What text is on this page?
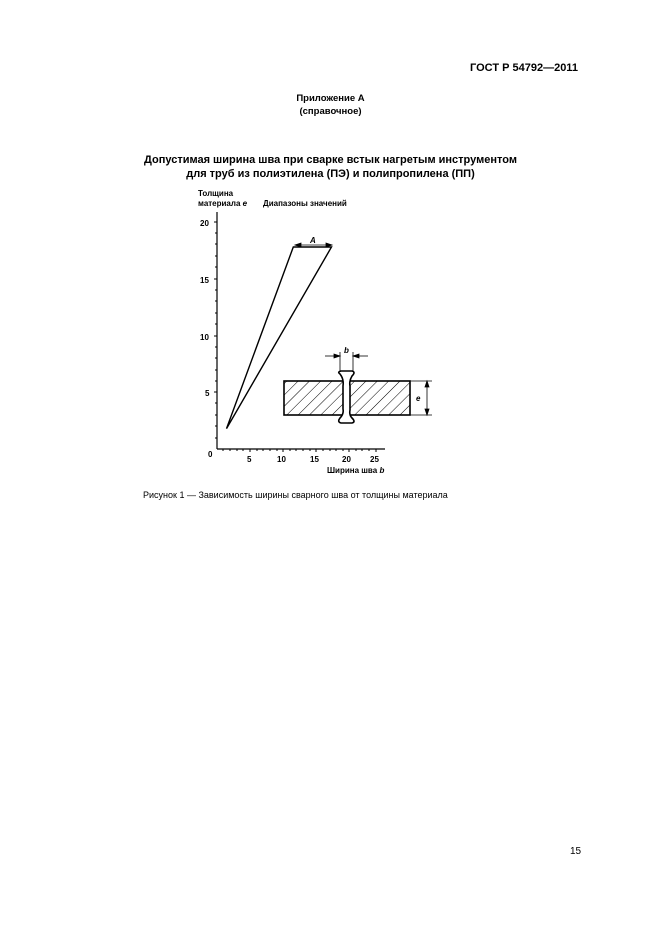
ГОСТ Р 54792—2011
Приложение А
(справочное)
Допустимая ширина шва при сварке встык нагретым инструментом
для труб из полиэтилена (ПЭ) и полипропилена (ПП)
Толщина
материала e Диапазоны значений
20
15
10
5
0
5	10	15	20 25
Ширина шва b
A
b
e
Рисунок 1 — Зависимость ширины сварного шва от толщины материала
15
